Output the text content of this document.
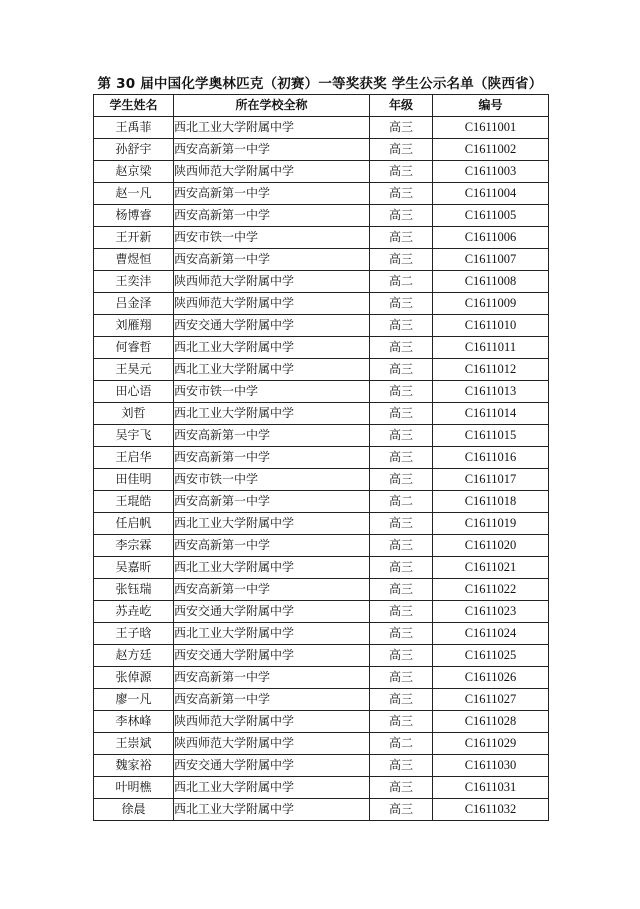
第 30 届中国化学奥林匹克（初赛）一等奖获奖 学生公示名单（陕西省）
学生姓名	所在学校全称	年级	编号
王禹菲	西北工业大学附属中学	高三	C1611001
孙舒宇	西安高新第一中学	高三	C1611002
赵京梁	陕西师范大学附属中学	高三	C1611003
赵一凡	西安高新第一中学	高三	C1611004
杨博睿	西安高新第一中学	高三	C1611005
王开新	西安市铁一中学	高三	C1611006
曹煜恒	西安高新第一中学	高三	C1611007
王奕沣	陕西师范大学附属中学	高二	C1611008
吕金泽	陕西师范大学附属中学	高三	C1611009
刘雁翔	西安交通大学附属中学	高三	C1611010
何睿哲	西北工业大学附属中学	高三	C1611011
王昊元	西北工业大学附属中学	高三	C1611012
田心语	西安市铁一中学	高三	C1611013
刘哲	西北工业大学附属中学	高三	C1611014
吴宇飞	西安高新第一中学	高三	C1611015
王启华	西安高新第一中学	高三	C1611016
田佳明	西安市铁一中学	高三	C1611017
王琨皓	西安高新第一中学	高二	C1611018
任启帆	西北工业大学附属中学	高三	C1611019
李宗霖	西安高新第一中学	高三	C1611020
吴嘉昕	西北工业大学附属中学	高三	C1611021
张钰瑞	西安高新第一中学	高三	C1611022
苏垚屹	西安交通大学附属中学	高三	C1611023
王子晗	西北工业大学附属中学	高三	C1611024
赵方廷	西安交通大学附属中学	高三	C1611025
张倬源	西安高新第一中学	高三	C1611026
廖一凡	西安高新第一中学	高三	C1611027
李林峰	陕西师范大学附属中学	高三	C1611028
王崇斌	陕西师范大学附属中学	高二	C1611029
魏家裕	西安交通大学附属中学	高三	C1611030
叶明樵	西北工业大学附属中学	高三	C1611031
徐晨	西北工业大学附属中学	高三	C1611032
